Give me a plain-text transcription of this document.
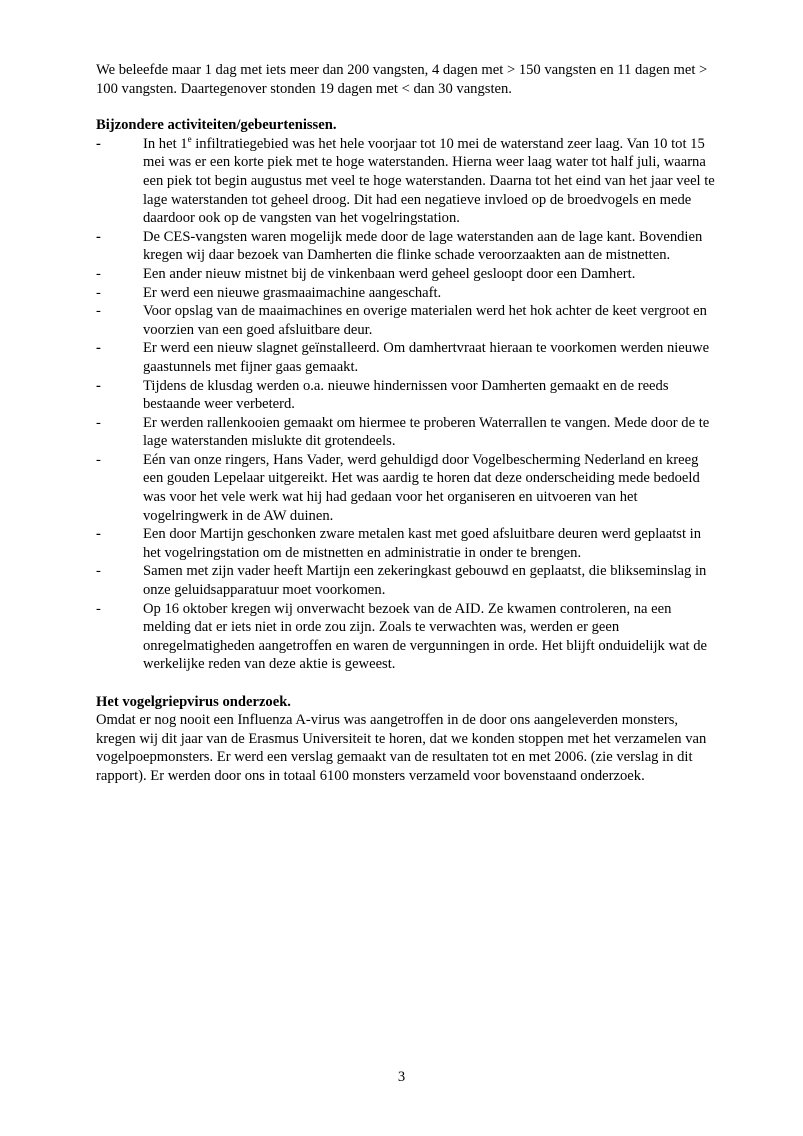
We beleefde maar 1 dag met iets meer dan 200 vangsten, 4 dagen met > 150 vangsten en 11 dagen met > 100 vangsten. Daartegenover stonden 19 dagen met < dan 30 vangsten.

Bijzondere activiteiten/gebeurtenissen.
-	In het 1e infiltratiegebied was het hele voorjaar tot 10 mei de waterstand zeer laag. Van 10 tot 15 mei was er een korte piek met te hoge waterstanden. Hierna weer laag water tot half juli, waarna een piek tot begin augustus met veel te hoge waterstanden. Daarna tot het eind van het jaar veel te lage waterstanden tot geheel droog. Dit had een negatieve invloed op de broedvogels en mede daardoor ook op de vangsten van het vogelringstation.
-	De CES-vangsten waren mogelijk mede door de lage waterstanden aan de lage kant. Bovendien kregen wij daar bezoek van Damherten die flinke schade veroorzaakten aan de mistnetten.
-	Een ander nieuw mistnet bij de vinkenbaan werd geheel gesloopt door een Damhert.
-	Er werd een nieuwe grasmaaimachine aangeschaft.
-	Voor opslag van de maaimachines en overige materialen werd het hok achter de keet vergroot en voorzien van een goed afsluitbare deur.
-	Er werd een nieuw slagnet geïnstalleerd. Om damhertvraat hieraan te voorkomen werden nieuwe gaastunnels met fijner gaas gemaakt.
-	Tijdens de klusdag werden o.a. nieuwe hindernissen voor Damherten gemaakt en de reeds bestaande weer verbeterd.
-	Er werden rallenkooien gemaakt om hiermee te proberen Waterrallen te vangen. Mede door de te lage waterstanden mislukte dit grotendeels.
-	Eén van onze ringers, Hans Vader, werd gehuldigd door Vogelbescherming Nederland en kreeg een gouden Lepelaar uitgereikt. Het was aardig te horen dat deze onderscheiding mede bedoeld was voor het vele werk wat hij had gedaan voor het organiseren en uitvoeren van het vogelringwerk in de AW duinen.
-	Een door Martijn geschonken zware metalen kast met goed afsluitbare deuren werd geplaatst in het vogelringstation om de mistnetten en administratie in onder te brengen.
-	Samen met zijn vader heeft Martijn een zekeringkast gebouwd en geplaatst, die blikseminslag in onze geluidsapparatuur moet voorkomen.
-	Op 16 oktober kregen wij onverwacht bezoek van de AID. Ze kwamen controleren, na een melding dat er iets niet in orde zou zijn. Zoals te verwachten was, werden er geen onregelmatigheden aangetroffen en waren de vergunningen in orde. Het blijft onduidelijk wat de werkelijke reden van deze aktie is geweest.
Het vogelgriepvirus onderzoek.

Omdat er nog nooit een Influenza A-virus was aangetroffen in de door ons aangeleverden monsters, kregen wij dit jaar van de Erasmus Universiteit te horen, dat we konden stoppen met het verzamelen van vogelpoepmonsters. Er werd een verslag gemaakt van de resultaten tot en met 2006. (zie verslag in dit rapport). Er werden door ons in totaal 6100 monsters verzameld voor bovenstaand onderzoek.

3
